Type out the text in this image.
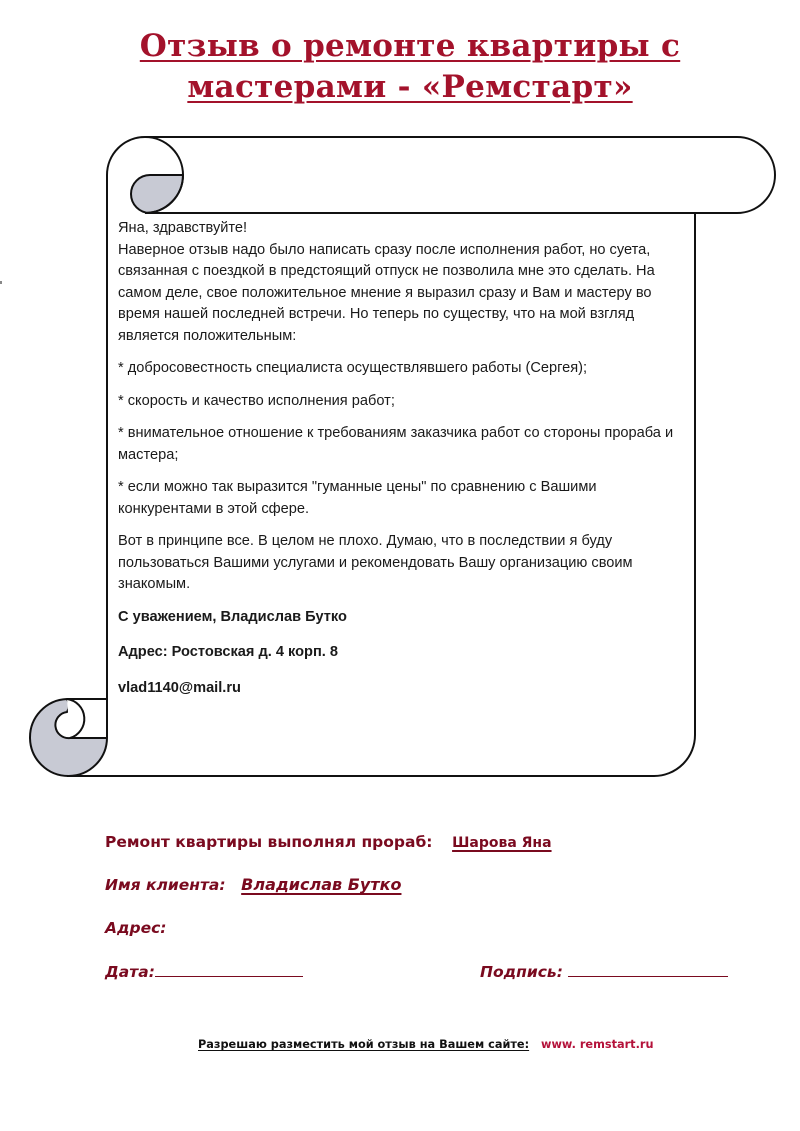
Отзыв о ремонте квартиры с
мастерами - «Ремстарт»

Яна, здравствуйте!

Наверное отзыв надо было написать сразу после исполнения работ, но суета, связанная с поездкой в предстоящий отпуск не позволила мне это сделать. На самом деле, свое положительное мнение я выразил сразу и Вам и мастеру во время нашей последней встречи. Но теперь по существу, что на мой взгляд является положительным:

* добросовестность специалиста осуществлявшего работы (Сергея);

* скорость и качество исполнения работ;

* внимательное отношение к требованиям заказчика работ со стороны прораба и мастера;

* если можно так выразится "гуманные цены" по сравнению с Вашими конкурентами в этой сфере.

Вот в принципе все. В целом не плохо. Думаю, что в последствии я буду пользоваться Вашими услугами и рекомендовать Вашу организацию своим знакомым.

С уважением, Владислав Бутко

Адрес: Ростовская д. 4 корп. 8

vlad1140@mail.ru

Ремонт квартиры выполнял прораб: Шарова Яна
Имя клиента: Владислав Бутко
Адрес:
Дата:	Подпись:
Разрешаю разместить мой отзыв на Вашем сайте: www. remstart.ru
